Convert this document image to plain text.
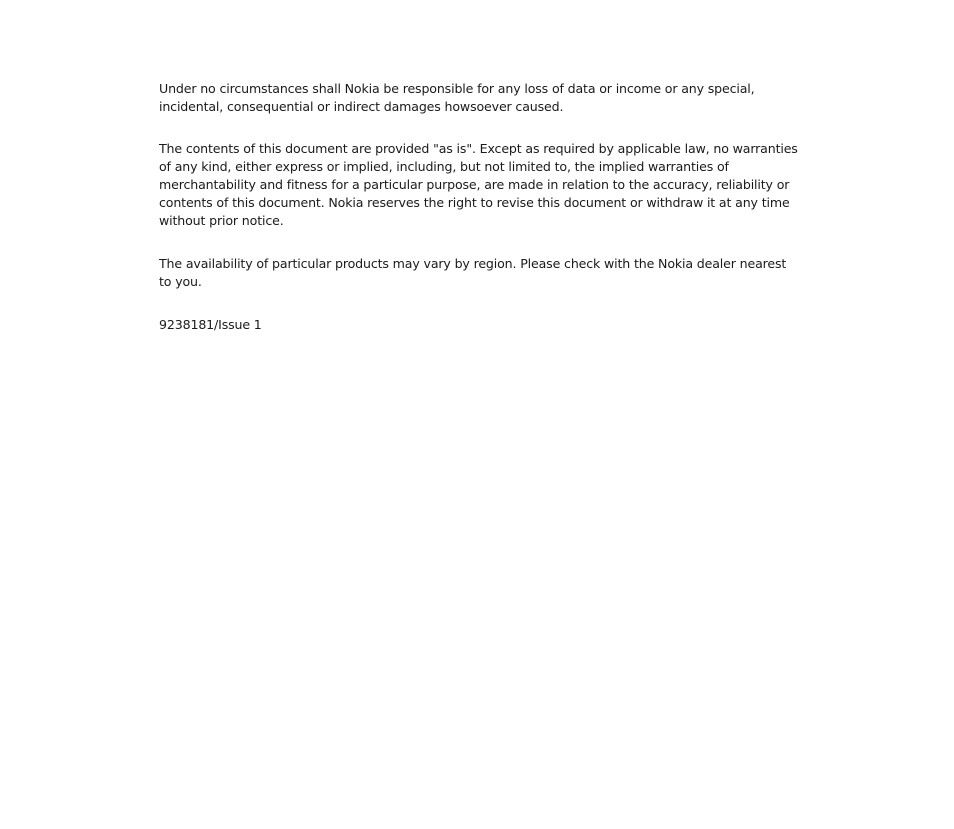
Under no circumstances shall Nokia be responsible for any loss of data or income or any special, incidental, consequential or indirect damages howsoever caused.

The contents of this document are provided "as is". Except as required by applicable law, no warranties of any kind, either express or implied, including, but not limited to, the implied warranties of merchantability and fitness for a particular purpose, are made in relation to the accuracy, reliability or contents of this document. Nokia reserves the right to revise this document or withdraw it at any time without prior notice.

The availability of particular products may vary by region. Please check with the Nokia dealer nearest to you.

9238181/Issue 1
